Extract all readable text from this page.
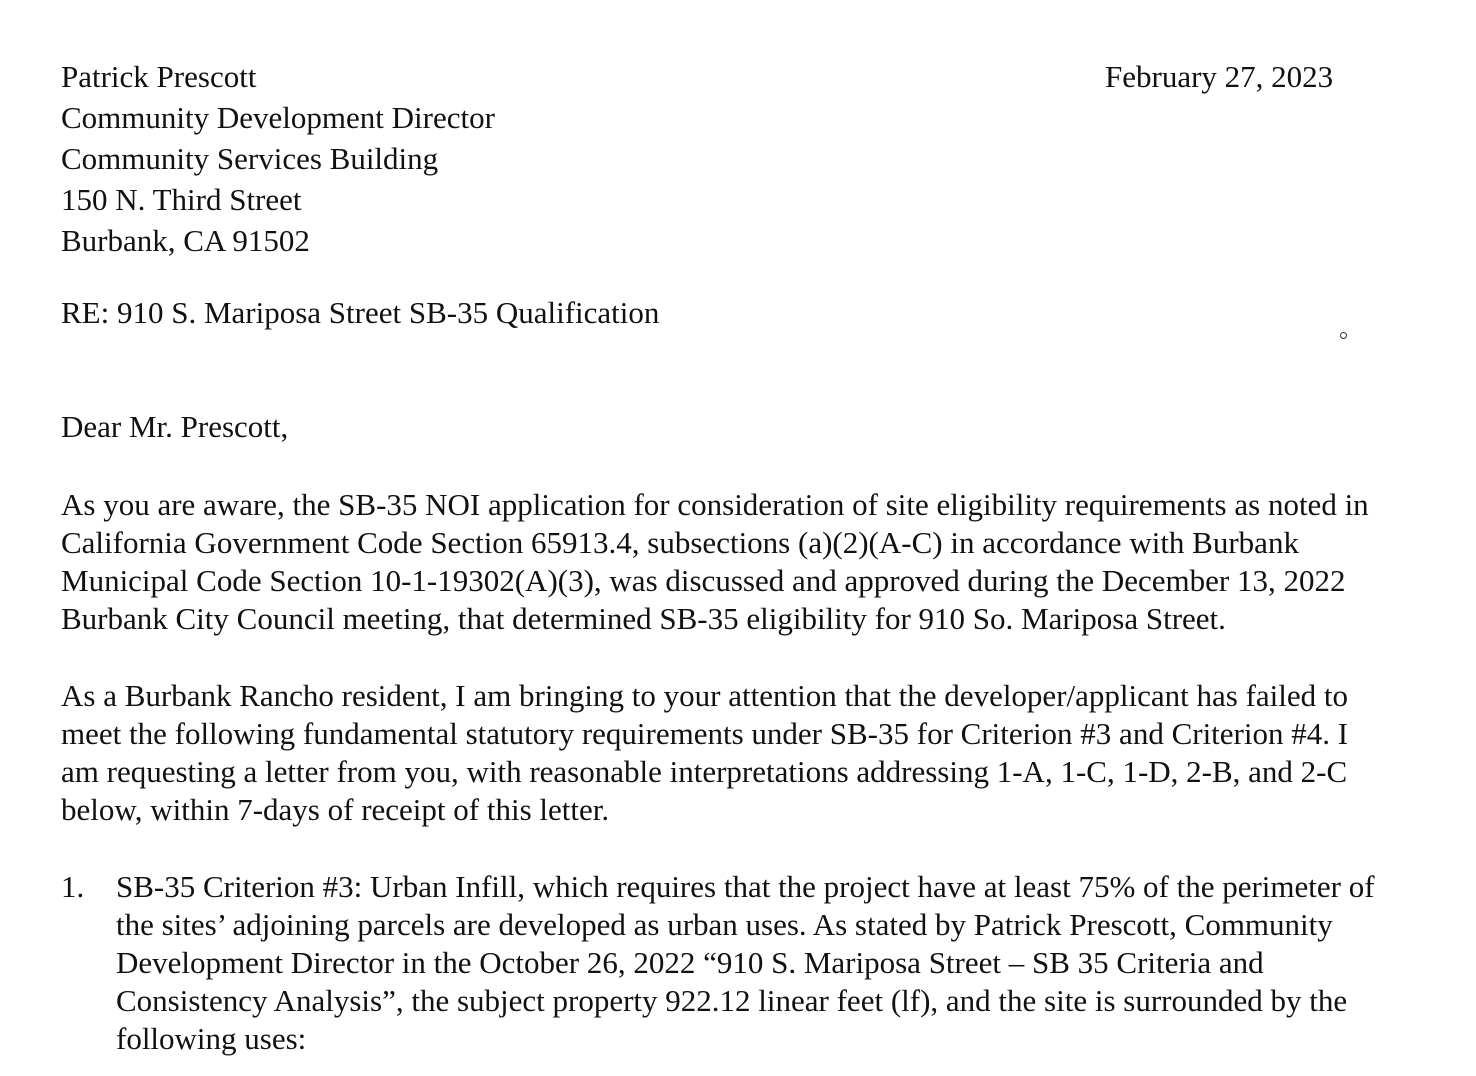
Patrick Prescott
Community Development Director
Community Services Building
150 N. Third Street
Burbank, CA 91502
February 27, 2023
RE: 910 S. Mariposa Street SB-35 Qualification
Dear Mr. Prescott,
As you are aware, the SB-35 NOI application for consideration of site eligibility requirements as noted in
California Government Code Section 65913.4, subsections (a)(2)(A-C) in accordance with Burbank
Municipal Code Section 10-1-19302(A)(3), was discussed and approved during the December 13, 2022
Burbank City Council meeting, that determined SB-35 eligibility for 910 So. Mariposa Street.
As a Burbank Rancho resident, I am bringing to your attention that the developer/applicant has failed to
meet the following fundamental statutory requirements under SB-35 for Criterion #3 and Criterion #4. I
am requesting a letter from you, with reasonable interpretations addressing 1-A, 1-C, 1-D, 2-B, and 2-C
below, within 7-days of receipt of this letter.
1. SB-35 Criterion #3: Urban Infill, which requires that the project have at least 75% of the perimeter of
the sites’ adjoining parcels are developed as urban uses. As stated by Patrick Prescott, Community
Development Director in the October 26, 2022 “910 S. Mariposa Street – SB 35 Criteria and
Consistency Analysis”, the subject property 922.12 linear feet (lf), and the site is surrounded by the
following uses:
